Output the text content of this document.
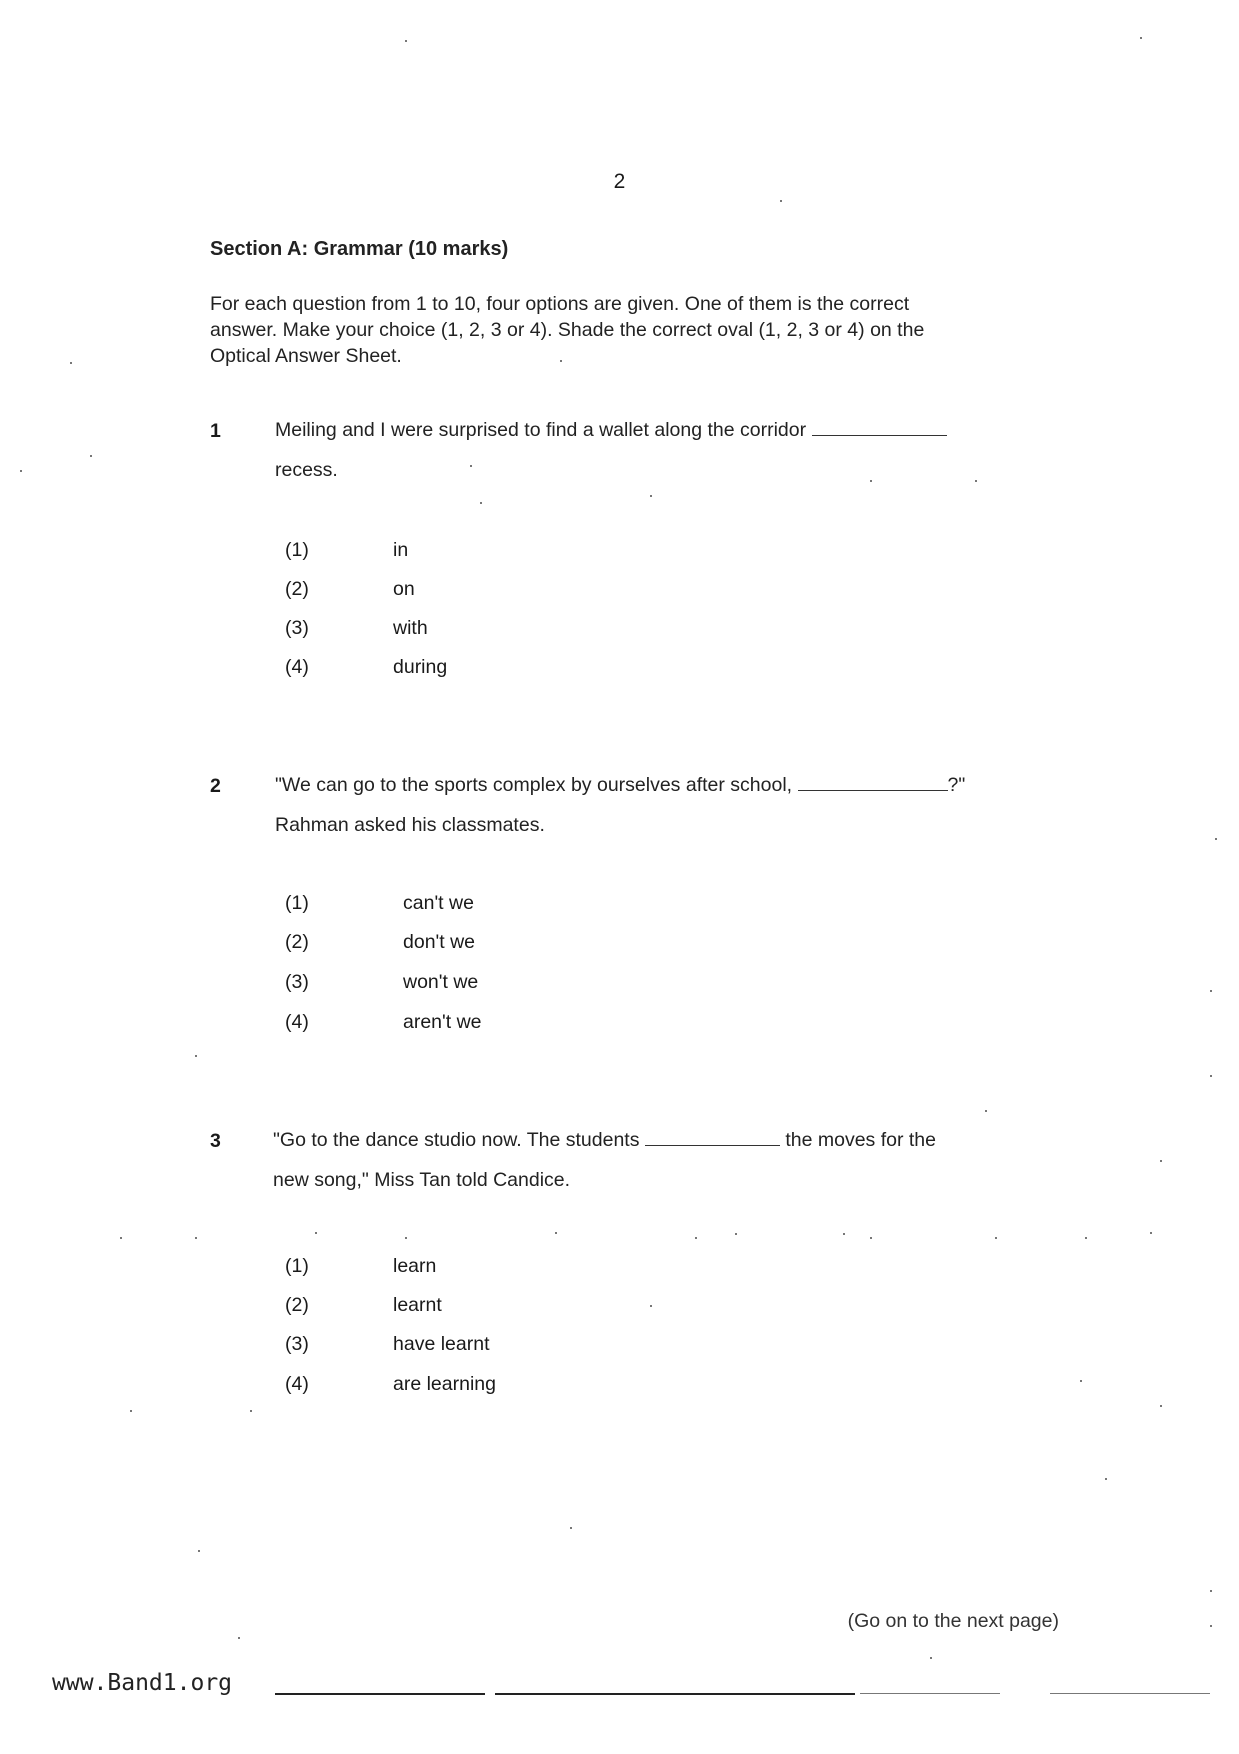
2
Section A: Grammar (10 marks)
For each question from 1 to 10, four options are given. One of them is the correct
answer. Make your choice (1, 2, 3 or 4). Shade the correct oval (1, 2, 3 or 4) on the
Optical Answer Sheet.
1	Meiling and I were surprised to find a wallet along the corridor
recess.
(1)	in
(2)	on
(3)	with
(4)	during
2	"We can go to the sports complex by ourselves after school,	?"
Rahman asked his classmates.
(1)	can't we
(2)	don't we
(3)	won't we
(4)	aren't we
3	"Go to the dance studio now. The students	the moves for the
new song," Miss Tan told Candice.
(1)	learn
(2)	learnt
(3)	have learnt
(4)	are learning
(Go on to the next page)
www.Band1.org
